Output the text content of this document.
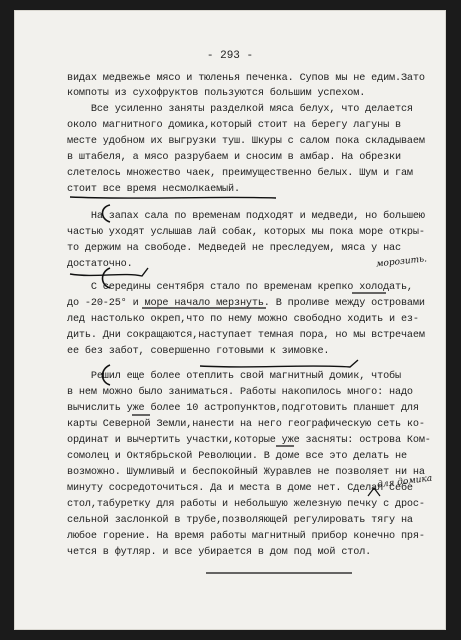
- 293 -

видах медвежье мясо и тюленья печенка. Супов мы не едим.Зато

компоты из сухофруктов пользуются большим успехом.

Все усиленно заняты разделкой мяса белух, что делается

около магнитного домика,который стоит на берегу лагуны в

месте удобном их выгрузки туш. Шкуры с салом пока складываем

в штабеля, а мясо разрубаем и сносим в амбар. На обрезки

слетелось множество чаек, преимущественно белых. Шум и гам

стоит все время несмолкаемый.

На запах сала по временам подходят и медведи, но большею

частью уходят услышав лай собак, которых мы пока море откры-

то держим на свободе. Медведей не преследуем, мяса у нас

достаточно.

С середины сентября стало по временам крепко холодать,

до -20-25° и море начало мерзнуть. В проливе между островами

лед настолько окреп,что по нему можно свободно ходить и ез-

дить. Дни сокращаются,наступает темная пора, но мы встречаем

ее без забот, совершенно готовыми к зимовке.

Решил еще более отеплить свой магнитный домик, чтобы

в нем можно было заниматься. Работы накопилось много: надо

вычислить уже более 10 астропунктов,подготовить планшет для

карты Северной Земли,нанести на него географическую сеть ко-

ординат и вычертить участки,которые уже засняты: острова Ком-

сомолец и Октябрьской Революции. В доме все это делать не

возможно. Шумливый и беспокойный Журавлев не позволяет ни на

минуту сосредоточиться. Да и места в доме нет. Сделал себе

стол,табуретку для работы и небольшую железную печку с дрос-

сельной заслонкой в трубе,позволяющей регулировать тягу на

любое горение. На время работы магнитный прибор конечно пря-

чется в футляр. и все убирается в дом под мой стол.

морозить.
для домика
